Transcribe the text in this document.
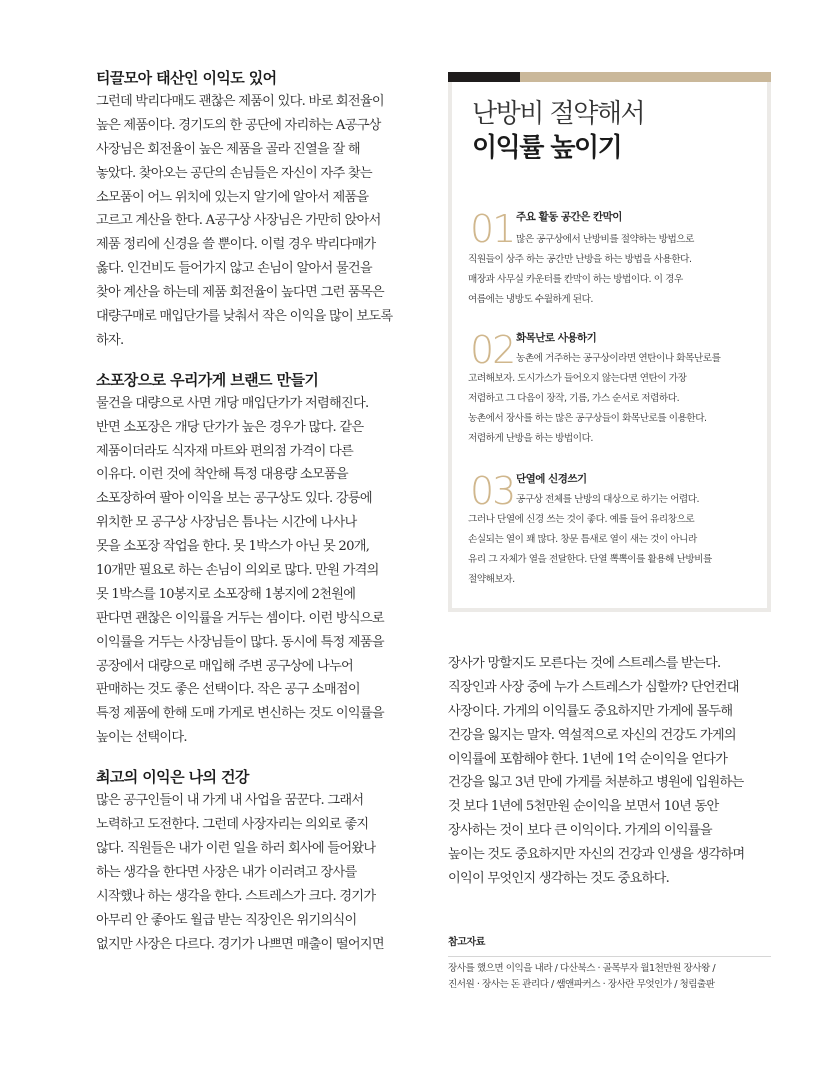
티끌모아 태산인 이익도 있어
그런데 박리다매도 괜찮은 제품이 있다. 바로 회전율이
높은 제품이다. 경기도의 한 공단에 자리하는 A공구상
사장님은 회전율이 높은 제품을 골라 진열을 잘 해
놓았다. 찾아오는 공단의 손님들은 자신이 자주 찾는
소모품이 어느 위치에 있는지 알기에 알아서 제품을
고르고 계산을 한다. A공구상 사장님은 가만히 앉아서
제품 정리에 신경을 쓸 뿐이다. 이럴 경우 박리다매가
옳다. 인건비도 들어가지 않고 손님이 알아서 물건을
찾아 계산을 하는데 제품 회전율이 높다면 그런 품목은
대량구매로 매입단가를 낮춰서 작은 이익을 많이 보도록
하자.
소포장으로 우리가게 브랜드 만들기
물건을 대량으로 사면 개당 매입단가가 저렴해진다.
반면 소포장은 개당 단가가 높은 경우가 많다. 같은
제품이더라도 식자재 마트와 편의점 가격이 다른
이유다. 이런 것에 착안해 특정 대용량 소모품을
소포장하여 팔아 이익을 보는 공구상도 있다. 강릉에
위치한 모 공구상 사장님은 틈나는 시간에 나사나
못을 소포장 작업을 한다. 못 1박스가 아닌 못 20개,
10개만 필요로 하는 손님이 의외로 많다. 만원 가격의
못 1박스를 10봉지로 소포장해 1봉지에 2천원에
판다면 괜찮은 이익률을 거두는 셈이다. 이런 방식으로
이익률을 거두는 사장님들이 많다. 동시에 특정 제품을
공장에서 대량으로 매입해 주변 공구상에 나누어
판매하는 것도 좋은 선택이다. 작은 공구 소매점이
특정 제품에 한해 도매 가게로 변신하는 것도 이익률을
높이는 선택이다.
최고의 이익은 나의 건강
많은 공구인들이 내 가게 내 사업을 꿈꾼다. 그래서
노력하고 도전한다. 그런데 사장자리는 의외로 좋지
않다. 직원들은 내가 이런 일을 하러 회사에 들어왔나
하는 생각을 한다면 사장은 내가 이러려고 장사를
시작했나 하는 생각을 한다. 스트레스가 크다. 경기가
아무리 안 좋아도 월급 받는 직장인은 위기의식이
없지만 사장은 다르다. 경기가 나쁘면 매출이 떨어지면
난방비 절약해서
이익률 높이기
01 주요 활동 공간은 칸막이
많은 공구상에서 난방비를 절약하는 방법으로
직원들이 상주 하는 공간만 난방을 하는 방법을 사용한다.
매장과 사무실 카운터를 칸막이 하는 방법이다. 이 경우
여름에는 냉방도 수월하게 된다.
02 화목난로 사용하기
농촌에 거주하는 공구상이라면 연탄이나 화목난로를
고려해보자. 도시가스가 들어오지 않는다면 연탄이 가장
저렴하고 그 다음이 장작, 기름, 가스 순서로 저렴하다.
농촌에서 장사를 하는 많은 공구상들이 화목난로를 이용한다.
저렴하게 난방을 하는 방법이다.
03 단열에 신경쓰기
공구상 전체를 난방의 대상으로 하기는 어렵다.
그러나 단열에 신경 쓰는 것이 좋다. 예를 들어 유리창으로
손실되는 열이 꽤 많다. 창문 틈새로 열이 새는 것이 아니라
유리 그 자체가 열을 전달한다. 단열 뽁뽁이를 활용해 난방비를
절약해보자.
장사가 망할지도 모른다는 것에 스트레스를 받는다.
직장인과 사장 중에 누가 스트레스가 심할까? 단언컨대
사장이다. 가게의 이익률도 중요하지만 가게에 몰두해
건강을 잃지는 말자. 역설적으로 자신의 건강도 가게의
이익률에 포함해야 한다. 1년에 1억 순이익을 얻다가
건강을 잃고 3년 만에 가게를 처분하고 병원에 입원하는
것 보다 1년에 5천만원 순이익을 보면서 10년 동안
장사하는 것이 보다 큰 이익이다. 가게의 이익률을
높이는 것도 중요하지만 자신의 건강과 인생을 생각하며
이익이 무엇인지 생각하는 것도 중요하다.
참고자료
장사를 했으면 이익을 내라 / 다산북스 · 골목부자 월1천만원 장사왕 /
진서원 · 장사는 돈 관리다 / 쌤앤파커스 · 장사란 무엇인가 / 청림출판
